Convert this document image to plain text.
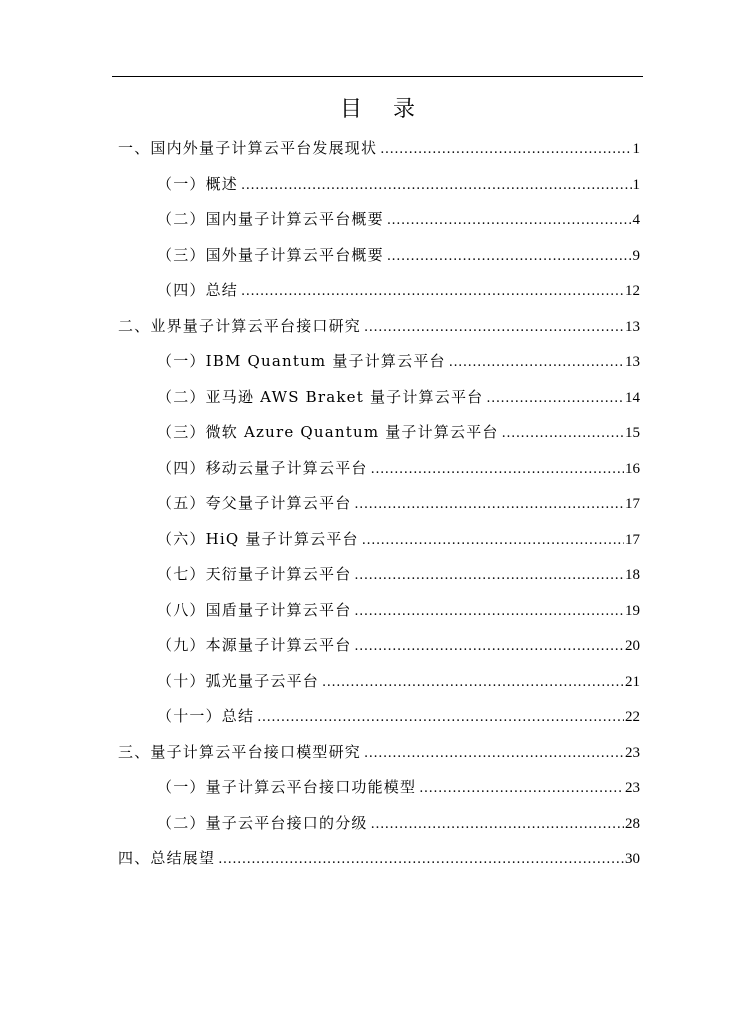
目 录
一、国内外量子计算云平台发展现状 .....	1
（一）概述 .....	1
（二）国内量子计算云平台概要 .....	4
（三）国外量子计算云平台概要 .....	9
（四）总结 .....	12
二、业界量子计算云平台接口研究 .....	13
（一）IBM Quantum 量子计算云平台 .....	13
（二）亚马逊 AWS Braket 量子计算云平台 .....	14
（三）微软 Azure Quantum 量子计算云平台 .....	15
（四）移动云量子计算云平台 .....	16
（五）夸父量子计算云平台 .....	17
（六）HiQ 量子计算云平台 .....	17
（七）天衍量子计算云平台 .....	18
（八）国盾量子计算云平台 .....	19
（九）本源量子计算云平台 .....	20
（十）弧光量子云平台 .....	21
（十一）总结 .....	22
三、量子计算云平台接口模型研究 .....	23
（一）量子计算云平台接口功能模型 .....	23
（二）量子云平台接口的分级 .....	28
四、总结展望 .....	30
